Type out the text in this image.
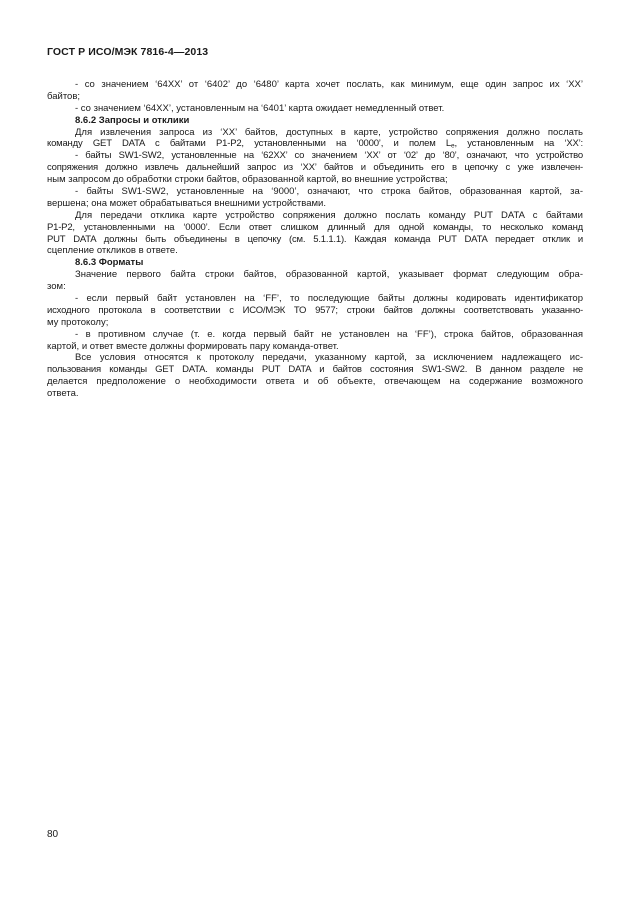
ГОСТ Р ИСО/МЭК 7816-4—2013
- со значением ‘64XX’ от ‘6402’ до ‘6480’ карта хочет послать, как минимум, еще один запрос их ‘XX’
байтов;
- со значением ‘64XX’, установленным на ‘6401’ карта ожидает немедленный ответ.
8.6.2 Запросы и отклики
Для извлечения запроса из ‘XX’ байтов, доступных в карте, устройство сопряжения должно послать
команду GET DATA с байтами P1-P2, установленными на ‘0000’, и полем $L_e$, установленным на ‘XX’:
- байты SW1-SW2, установленные на ‘62XX’ со значением ‘XX’ от ‘02’ до ‘80’, означают, что устройство
сопряжения должно извлечь дальнейший запрос из ‘XX’ байтов и объединить его в цепочку с уже извлечен-
ным запросом до обработки строки байтов, образованной картой, во внешние устройства;
- байты SW1-SW2, установленные на ‘9000’, означают, что строка байтов, образованная картой, за-
вершена; она может обрабатываться внешними устройствами.
Для передачи отклика карте устройство сопряжения должно послать команду PUT DATA с байтами
P1-P2, установленными на ‘0000’. Если ответ слишком длинный для одной команды, то несколько команд
PUT DATA должны быть объединены в цепочку (см. 5.1.1.1). Каждая команда PUT DATA передает отклик и
сцепление откликов в ответе.
8.6.3 Форматы
Значение первого байта строки байтов, образованной картой, указывает формат следующим обра-
зом:
- если первый байт установлен на ‘FF’, то последующие байты должны кодировать идентификатор
исходного протокола в соответствии с ИСО/МЭК ТО 9577; строки байтов должны соответствовать указанно-
му протоколу;
- в противном случае (т. е. когда первый байт не установлен на ‘FF’), строка байтов, образованная
картой, и ответ вместе должны формировать пару команда-ответ.
Все условия относятся к протоколу передачи, указанному картой, за исключением надлежащего ис-
пользования команды GET DATA. команды PUT DATA и байтов состояния SW1-SW2. В данном разделе не
делается предположение о необходимости ответа и об объекте, отвечающем на содержание возможного
ответа.
80
